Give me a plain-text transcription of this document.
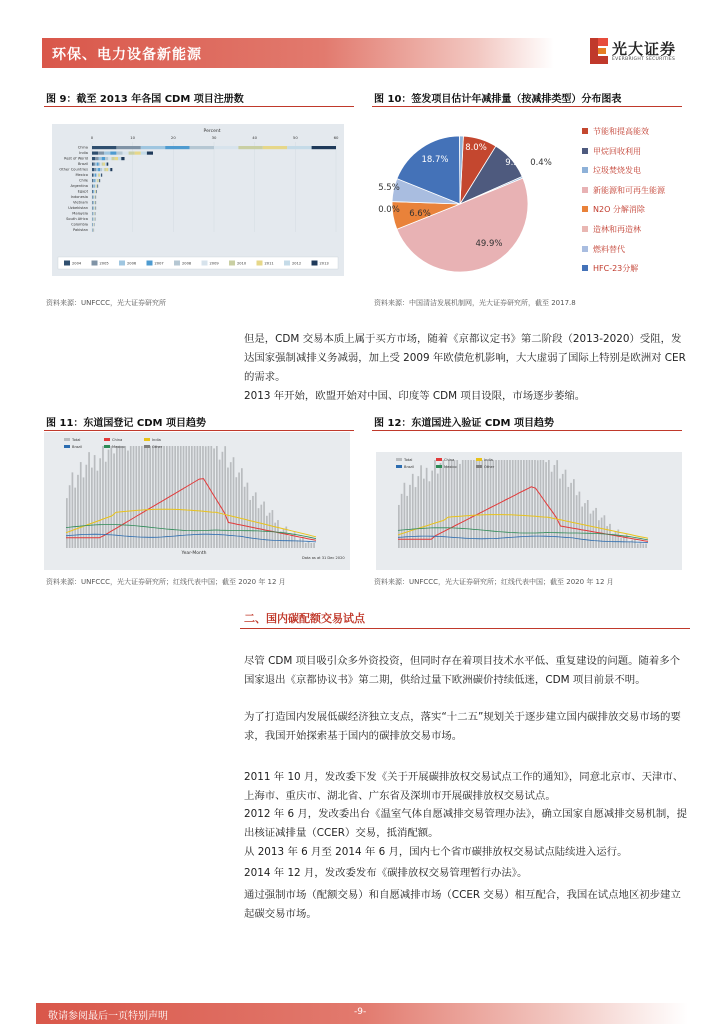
环保、电力设备新能源	光大证券
EVERBRIGHT SECURITIES
图 9：截至 2013 年各国 CDM 项目注册数
Percent
0	10	20	30	40	50	60
China
India
Rest of World
Brazil
Other Countries
Mexico
Chile
Argentina
Egypt
Indonesia
Vietnam
Uzbekistan
Malaysia
South Africa
Colombia
Pakistan
2004	2005	2006	2007	2008	2009	2010	2011	2012	2013
资料来源：UNFCCC，光大证券研究所
图 10：签发项目估计年减排量（按减排类型）分布图表
0.9%
8.0%
9.5% 0.4%
49.9%
6.6%
0.0%
5.5%
18.7%
节能和提高能效
甲烷回收利用
垃圾焚烧发电
新能源和可再生能源
N2O 分解消除
造林和再造林
燃料替代
HFC-23分解
资料来源：中国清洁发展机制网，光大证券研究所，截至 2017.8
但是，CDM 交易本质上属于买方市场，随着《京都议定书》第二阶段（2013-2020）受阻，发达国家强制减排义务减弱，加上受 2009 年欧债危机影响，大大虚弱了国际上特别是欧洲对 CER 的需求。
2013 年开始，欧盟开始对中国、印度等 CDM 项目设限，市场逐步萎缩。
图 11：东道国登记 CDM 项目趋势
Total	China	India
Brazil	Mexico	Other
Year-Month
Data as at 31 Dec 2020
资料来源：UNFCCC，光大证券研究所；红线代表中国；截至 2020 年 12 月
图 12：东道国进入验证 CDM 项目趋势
Total	China	India
Brazil	Mexico	Other
资料来源：UNFCCC，光大证券研究所；红线代表中国；截至 2020 年 12 月
二、国内碳配额交易试点
尽管 CDM 项目吸引众多外资投资，但同时存在着项目技术水平低、重复建设的问题。随着多个国家退出《京都协议书》第二期，供给过量下欧洲碳价持续低迷，CDM 项目前景不明。
为了打造国内发展低碳经济独立支点，落实“十二五”规划关于逐步建立国内碳排放交易市场的要求，我国开始探索基于国内的碳排放交易市场。
2011 年 10 月，发改委下发《关于开展碳排放权交易试点工作的通知》，同意北京市、天津市、上海市、重庆市、湖北省、广东省及深圳市开展碳排放权交易试点。
2012 年 6 月，发改委出台《温室气体自愿减排交易管理办法》，确立国家自愿减排交易机制，提出核证减排量（CCER）交易，抵消配额。
从 2013 年 6 月至 2014 年 6 月，国内七个省市碳排放权交易试点陆续进入运行。
2014 年 12 月，发改委发布《碳排放权交易管理暂行办法》。
通过强制市场（配额交易）和自愿减排市场（CCER 交易）相互配合，我国在试点地区初步建立起碳交易市场。
敬请参阅最后一页特别声明	-9-
